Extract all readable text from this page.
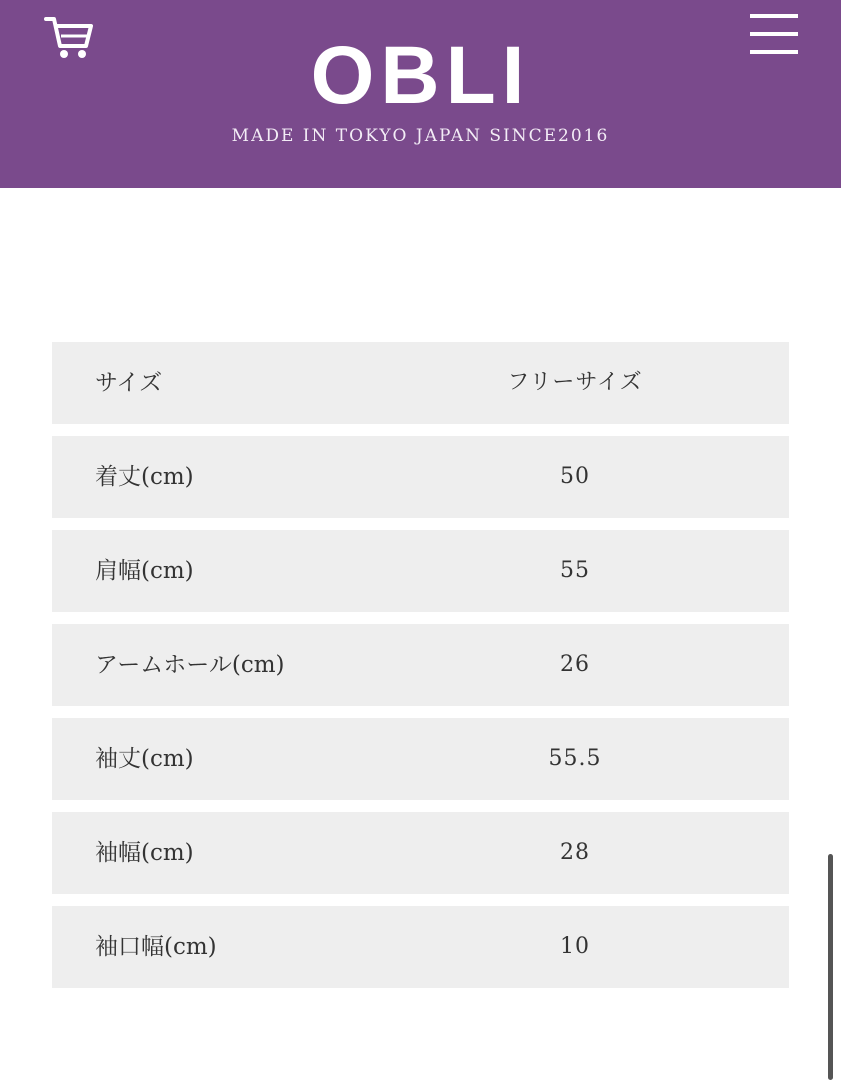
OBLI
MADE IN TOKYO JAPAN SINCE2016
サイズ	フリーサイズ
着丈(cm)	50
肩幅(cm)	55
アームホール(cm)	26
袖丈(cm)	55.5
袖幅(cm)	28
袖口幅(cm)	10
